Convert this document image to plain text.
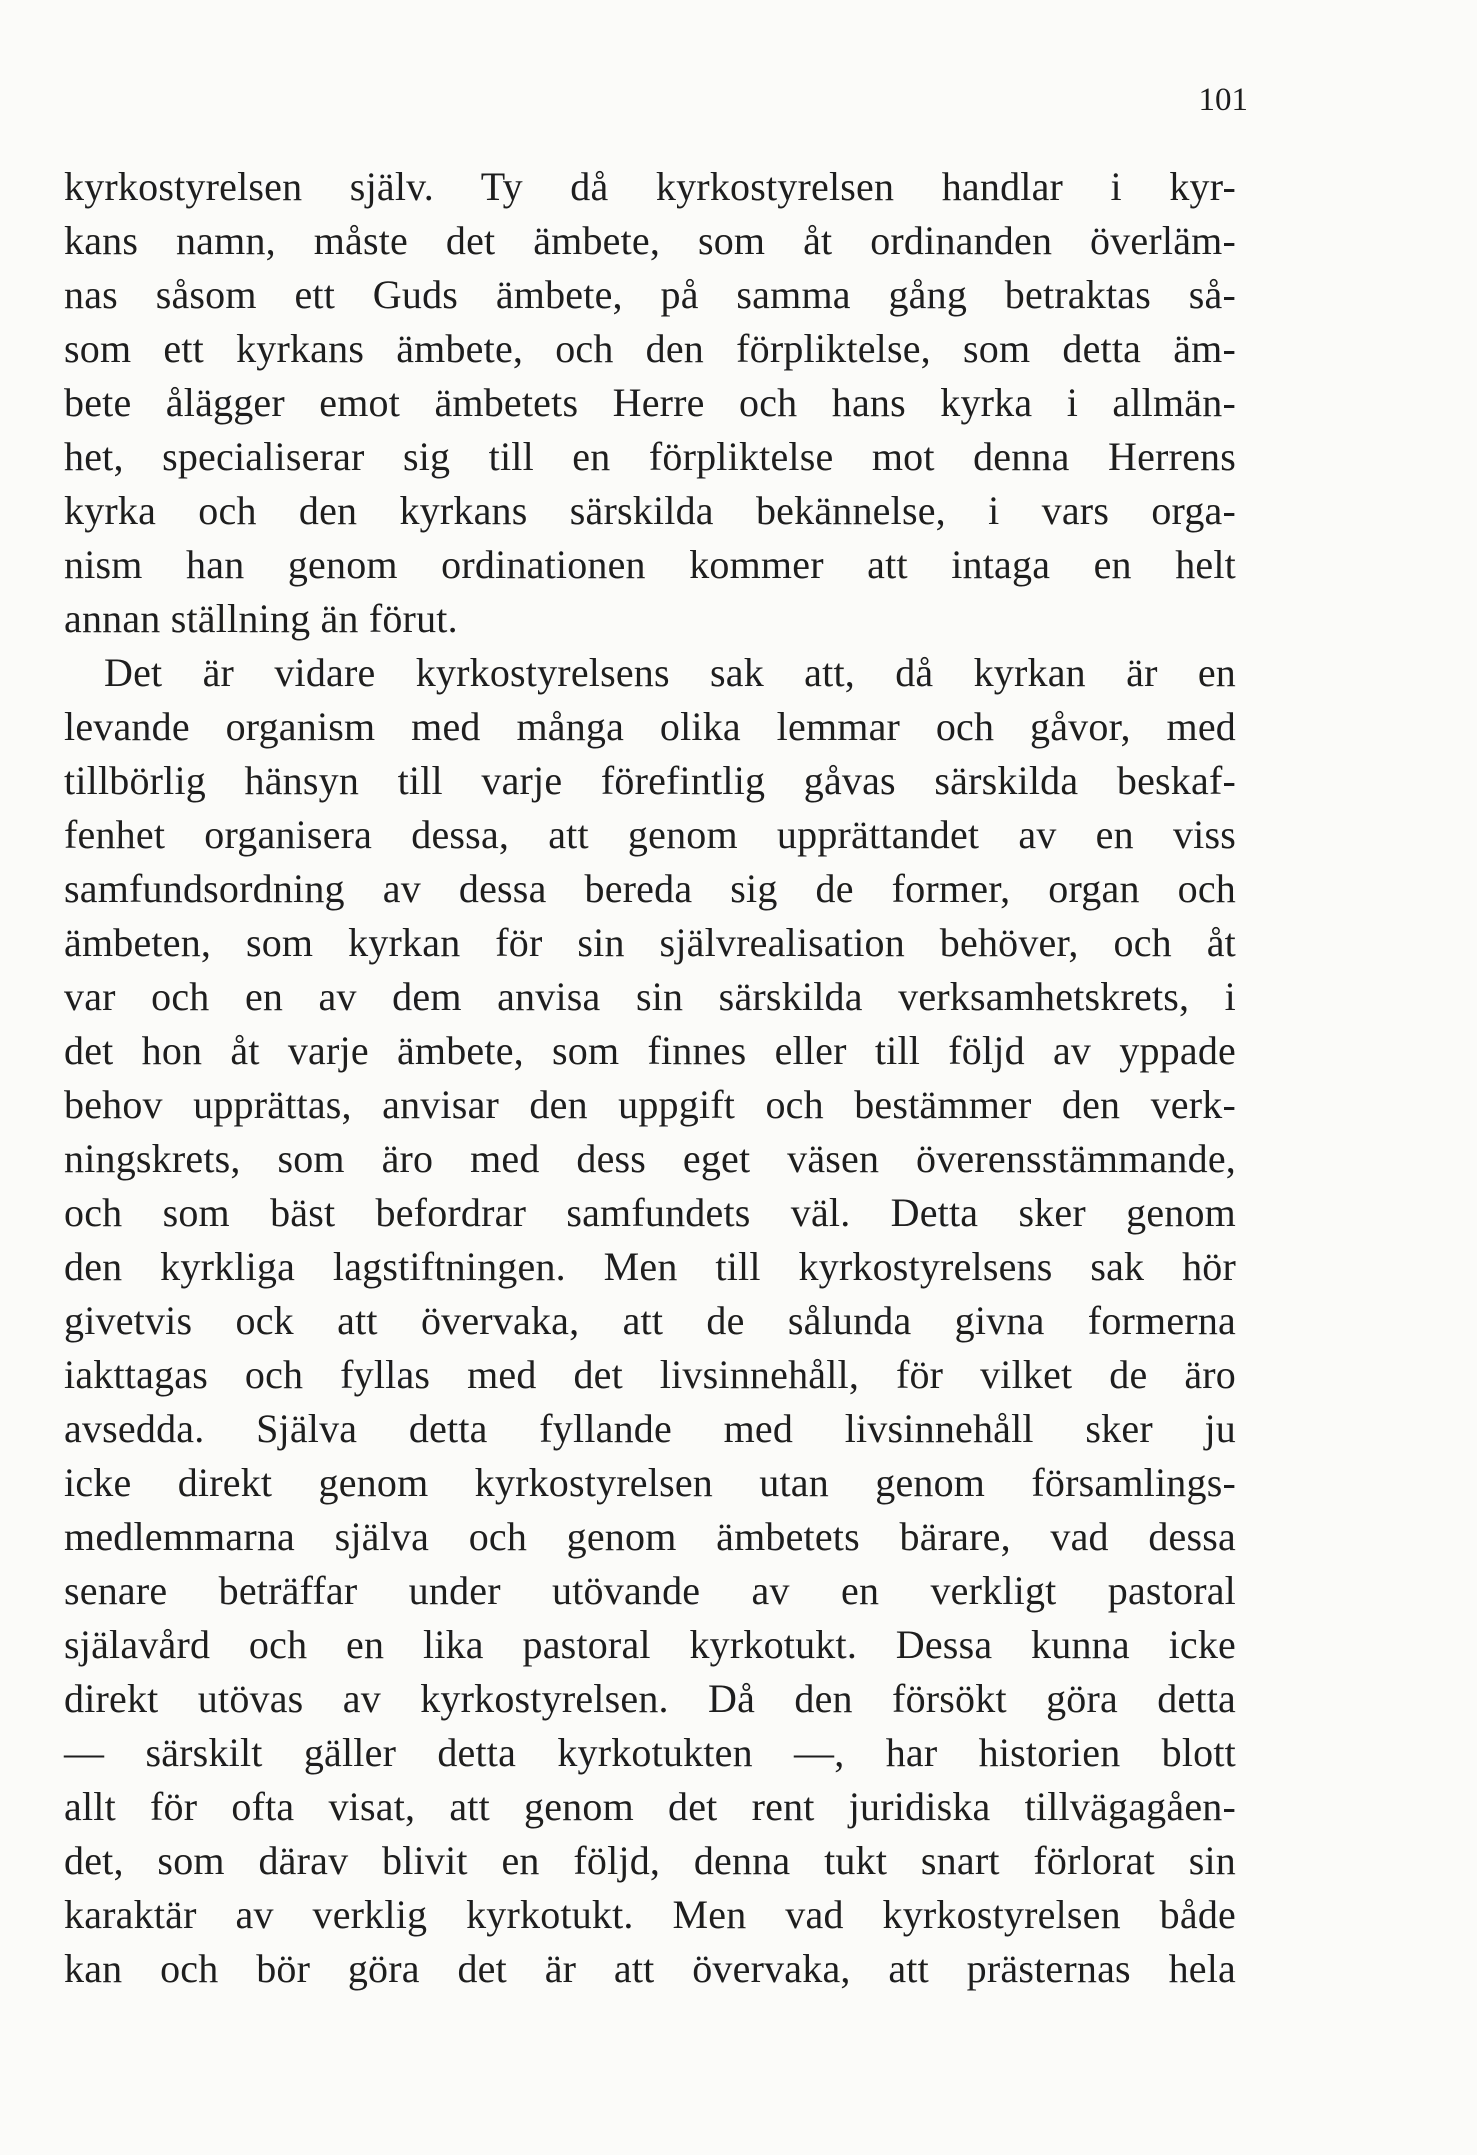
101
kyrkostyrelsen själv. Ty då kyrkostyrelsen handlar i kyr-
kans namn, måste det ämbete, som åt ordinanden överläm-
nas såsom ett Guds ämbete, på samma gång betraktas så-
som ett kyrkans ämbete, och den förpliktelse, som detta äm-
bete ålägger emot ämbetets Herre och hans kyrka i allmän-
het, specialiserar sig till en förpliktelse mot denna Herrens
kyrka och den kyrkans särskilda bekännelse, i vars orga-
nism han genom ordinationen kommer att intaga en helt
annan ställning än förut.
Det är vidare kyrkostyrelsens sak att, då kyrkan är en
levande organism med många olika lemmar och gåvor, med
tillbörlig hänsyn till varje förefintlig gåvas särskilda beskaf-
fenhet organisera dessa, att genom upprättandet av en viss
samfundsordning av dessa bereda sig de former, organ och
ämbeten, som kyrkan för sin självrealisation behöver, och åt
var och en av dem anvisa sin särskilda verksamhetskrets, i
det hon åt varje ämbete, som finnes eller till följd av yppade
behov upprättas, anvisar den uppgift och bestämmer den verk-
ningskrets, som äro med dess eget väsen överensstämmande,
och som bäst befordrar samfundets väl. Detta sker genom
den kyrkliga lagstiftningen. Men till kyrkostyrelsens sak hör
givetvis ock att övervaka, att de sålunda givna formerna
iakttagas och fyllas med det livsinnehåll, för vilket de äro
avsedda. Själva detta fyllande med livsinnehåll sker ju
icke direkt genom kyrkostyrelsen utan genom församlings-
medlemmarna själva och genom ämbetets bärare, vad dessa
senare beträffar under utövande av en verkligt pastoral
själavård och en lika pastoral kyrkotukt. Dessa kunna icke
direkt utövas av kyrkostyrelsen. Då den försökt göra detta
— särskilt gäller detta kyrkotukten —, har historien blott
allt för ofta visat, att genom det rent juridiska tillvägagåen-
det, som därav blivit en följd, denna tukt snart förlorat sin
karaktär av verklig kyrkotukt. Men vad kyrkostyrelsen både
kan och bör göra det är att övervaka, att prästernas hela
